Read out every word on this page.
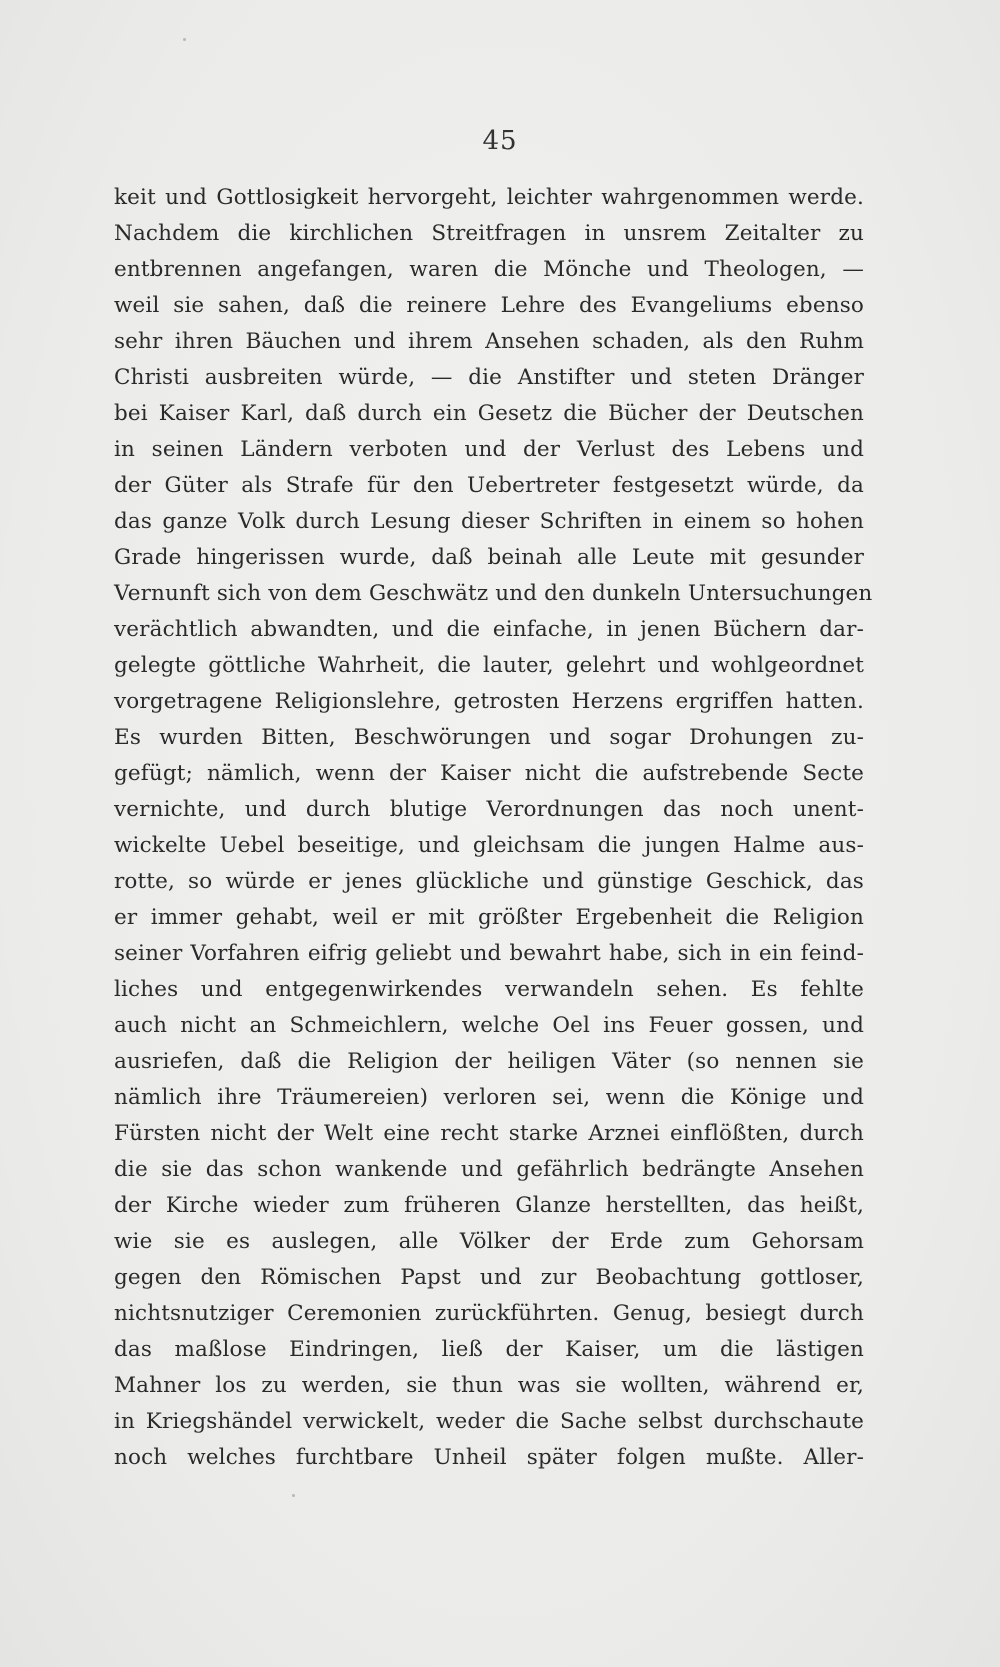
45
keit und Gottlosigkeit hervorgeht, leichter wahrgenommen werde.
Nachdem die kirchlichen Streitfragen in unsrem Zeitalter zu
entbrennen angefangen, waren die Mönche und Theologen, —
weil sie sahen, daß die reinere Lehre des Evangeliums ebenso
sehr ihren Bäuchen und ihrem Ansehen schaden, als den Ruhm
Christi ausbreiten würde, — die Anstifter und steten Dränger
bei Kaiser Karl, daß durch ein Gesetz die Bücher der Deutschen
in seinen Ländern verboten und der Verlust des Lebens und
der Güter als Strafe für den Uebertreter festgesetzt würde, da
das ganze Volk durch Lesung dieser Schriften in einem so hohen
Grade hingerissen wurde, daß beinah alle Leute mit gesunder
Vernunft sich von dem Geschwätz und den dunkeln Untersuchungen
verächtlich abwandten, und die einfache, in jenen Büchern dar-
gelegte göttliche Wahrheit, die lauter, gelehrt und wohlgeordnet
vorgetragene Religionslehre, getrosten Herzens ergriffen hatten.
Es wurden Bitten, Beschwörungen und sogar Drohungen zu-
gefügt; nämlich, wenn der Kaiser nicht die aufstrebende Secte
vernichte, und durch blutige Verordnungen das noch unent-
wickelte Uebel beseitige, und gleichsam die jungen Halme aus-
rotte, so würde er jenes glückliche und günstige Geschick, das
er immer gehabt, weil er mit größter Ergebenheit die Religion
seiner Vorfahren eifrig geliebt und bewahrt habe, sich in ein feind-
liches und entgegenwirkendes verwandeln sehen. Es fehlte
auch nicht an Schmeichlern, welche Oel ins Feuer gossen, und
ausriefen, daß die Religion der heiligen Väter (so nennen sie
nämlich ihre Träumereien) verloren sei, wenn die Könige und
Fürsten nicht der Welt eine recht starke Arznei einflößten, durch
die sie das schon wankende und gefährlich bedrängte Ansehen
der Kirche wieder zum früheren Glanze herstellten, das heißt,
wie sie es auslegen, alle Völker der Erde zum Gehorsam
gegen den Römischen Papst und zur Beobachtung gottloser,
nichtsnutziger Ceremonien zurückführten. Genug, besiegt durch
das maßlose Eindringen, ließ der Kaiser, um die lästigen
Mahner los zu werden, sie thun was sie wollten, während er,
in Kriegshändel verwickelt, weder die Sache selbst durchschaute
noch welches furchtbare Unheil später folgen mußte. Aller-
